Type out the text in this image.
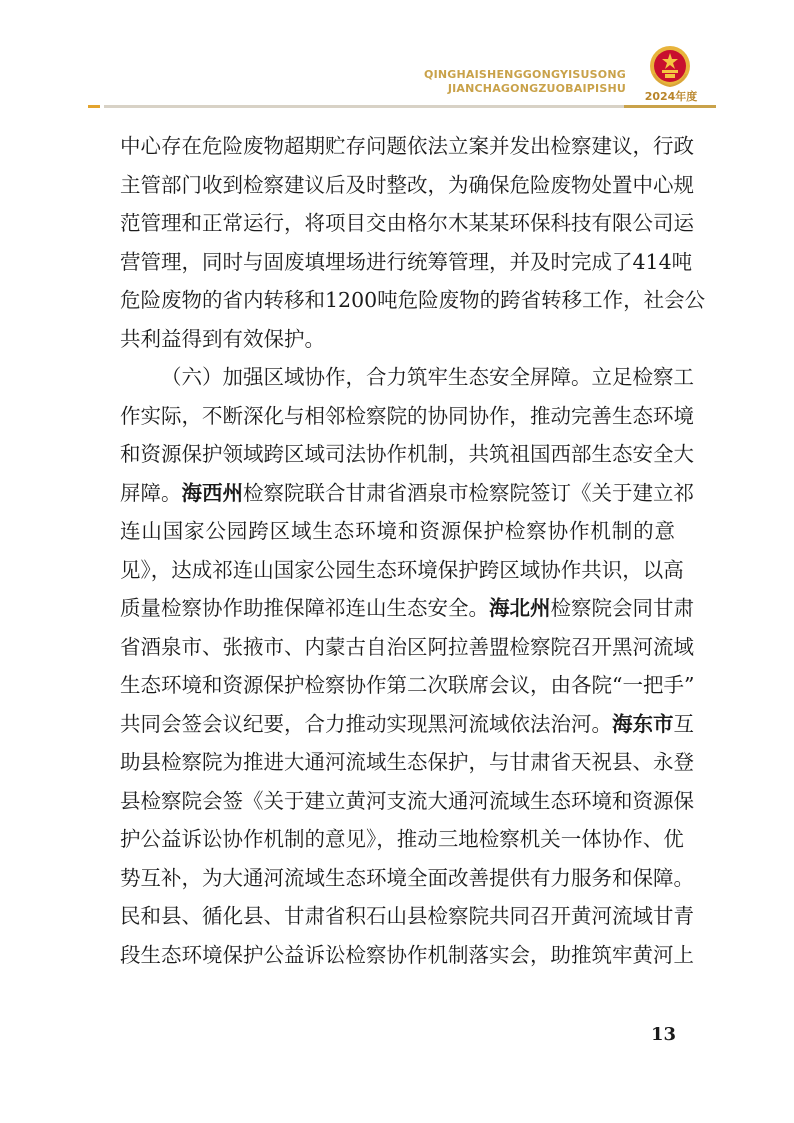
QINGHAISHENGGONGYISUSONG
JIANCHAGONGZUOBAIPISHU
2024年度
中心存在危险废物超期贮存问题依法立案并发出检察建议，行政
主管部门收到检察建议后及时整改，为确保危险废物处置中心规
范管理和正常运行，将项目交由格尔木某某环保科技有限公司运
营管理，同时与固废填埋场进行统筹管理，并及时完成了414吨
危险废物的省内转移和1200吨危险废物的跨省转移工作，社会公
共利益得到有效保护。
（六）加强区域协作，合力筑牢生态安全屏障。立足检察工
作实际，不断深化与相邻检察院的协同协作，推动完善生态环境
和资源保护领域跨区域司法协作机制，共筑祖国西部生态安全大
屏障。海西州检察院联合甘肃省酒泉市检察院签订《关于建立祁
连山国家公园跨区域生态环境和资源保护检察协作机制的意
见》，达成祁连山国家公园生态环境保护跨区域协作共识，以高
质量检察协作助推保障祁连山生态安全。海北州检察院会同甘肃
省酒泉市、张掖市、内蒙古自治区阿拉善盟检察院召开黑河流域
生态环境和资源保护检察协作第二次联席会议，由各院“一把手”
共同会签会议纪要，合力推动实现黑河流域依法治河。海东市互
助县检察院为推进大通河流域生态保护，与甘肃省天祝县、永登
县检察院会签《关于建立黄河支流大通河流域生态环境和资源保
护公益诉讼协作机制的意见》，推动三地检察机关一体协作、优
势互补，为大通河流域生态环境全面改善提供有力服务和保障。
民和县、循化县、甘肃省积石山县检察院共同召开黄河流域甘青
段生态环境保护公益诉讼检察协作机制落实会，助推筑牢黄河上
13
